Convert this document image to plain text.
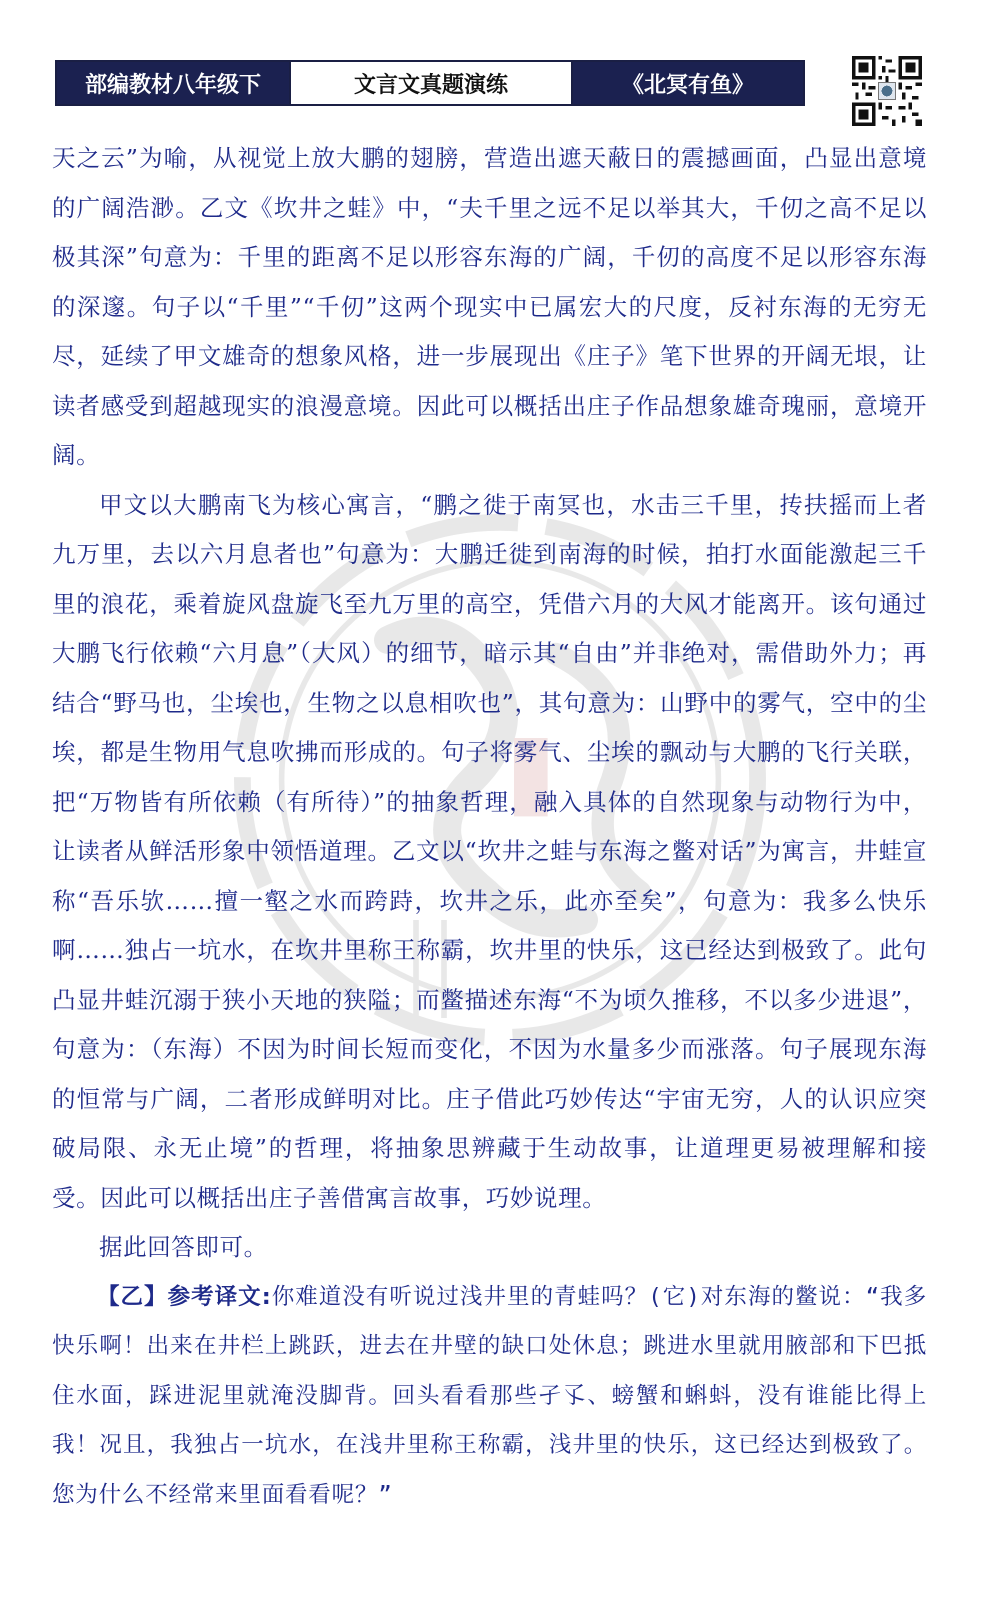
部编教材八年级下	文言文真题演练	《北冥有鱼》

天之云”为喻，从视觉上放大鹏的翅膀，营造出遮天蔽日的震撼画面，凸显出意境的广阔浩渺。乙文《坎井之蛙》中，“夫千里之远不足以举其大，千仞之高不足以极其深”句意为：千里的距离不足以形容东海的广阔，千仞的高度不足以形容东海的深邃。句子以“千里”“千仞”这两个现实中已属宏大的尺度，反衬东海的无穷无尽，延续了甲文雄奇的想象风格，进一步展现出《庄子》笔下世界的开阔无垠，让读者感受到超越现实的浪漫意境。因此可以概括出庄子作品想象雄奇瑰丽，意境开阔。

甲文以大鹏南飞为核心寓言，“鹏之徙于南冥也，水击三千里，抟扶摇而上者九万里，去以六月息者也”句意为：大鹏迁徙到南海的时候，拍打水面能激起三千里的浪花，乘着旋风盘旋飞至九万里的高空，凭借六月的大风才能离开。该句通过大鹏飞行依赖“六月息”（大风）的细节，暗示其“自由”并非绝对，需借助外力；再结合“野马也，尘埃也，生物之以息相吹也”，其句意为：山野中的雾气，空中的尘埃，都是生物用气息吹拂而形成的。句子将雾气、尘埃的飘动与大鹏的飞行关联，把“万物皆有所依赖（有所待）”的抽象哲理，融入具体的自然现象与动物行为中，让读者从鲜活形象中领悟道理。乙文以“坎井之蛙与东海之鳖对话”为寓言，井蛙宣称“吾乐欤……擅一壑之水而跨跱，坎井之乐，此亦至矣”，句意为：我多么快乐啊……独占一坑水，在坎井里称王称霸，坎井里的快乐，这已经达到极致了。此句凸显井蛙沉溺于狭小天地的狭隘；而鳖描述东海“不为顷久推移，不以多少进退”，句意为：（东海）不因为时间长短而变化，不因为水量多少而涨落。句子展现东海的恒常与广阔，二者形成鲜明对比。庄子借此巧妙传达“宇宙无穷，人的认识应突破局限、永无止境”的哲理，将抽象思辨藏于生动故事，让道理更易被理解和接受。因此可以概括出庄子善借寓言故事，巧妙说理。

据此回答即可。

【乙】参考译文:你难道没有听说过浅井里的青蛙吗？(它)对东海的鳖说：“我多快乐啊！出来在井栏上跳跃，进去在井壁的缺口处休息；跳进水里就用腋部和下巴抵住水面，踩进泥里就淹没脚背。回头看看那些孑孓、螃蟹和蝌蚪，没有谁能比得上我！况且，我独占一坑水，在浅井里称王称霸，浅井里的快乐，这已经达到极致了。您为什么不经常来里面看看呢？”
